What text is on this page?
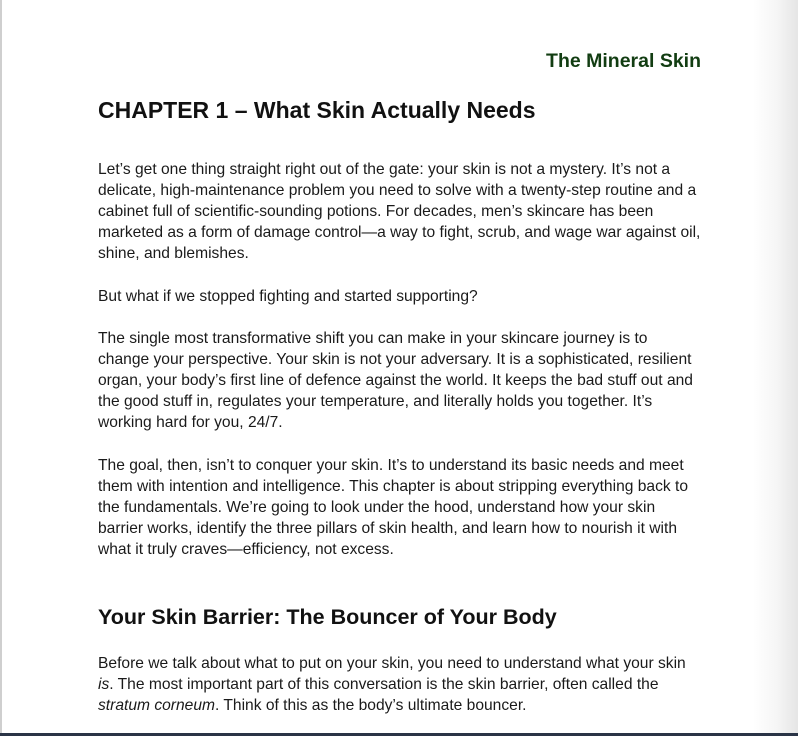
The Mineral Skin
CHAPTER 1 – What Skin Actually Needs

Let’s get one thing straight right out of the gate: your skin is not a mystery. It’s not a delicate, high-maintenance problem you need to solve with a twenty-step routine and a cabinet full of scientific-sounding potions. For decades, men’s skincare has been marketed as a form of damage control—a way to fight, scrub, and wage war against oil, shine, and blemishes.

But what if we stopped fighting and started supporting?

The single most transformative shift you can make in your skincare journey is to change your perspective. Your skin is not your adversary. It is a sophisticated, resilient organ, your body’s first line of defence against the world. It keeps the bad stuff out and the good stuff in, regulates your temperature, and literally holds you together. It’s working hard for you, 24/7.

The goal, then, isn’t to conquer your skin. It’s to understand its basic needs and meet them with intention and intelligence. This chapter is about stripping everything back to the fundamentals. We’re going to look under the hood, understand how your skin barrier works, identify the three pillars of skin health, and learn how to nourish it with what it truly craves—efficiency, not excess.

Your Skin Barrier: The Bouncer of Your Body

Before we talk about what to put on your skin, you need to understand what your skin is. The most important part of this conversation is the skin barrier, often called the stratum corneum. Think of this as the body’s ultimate bouncer.
